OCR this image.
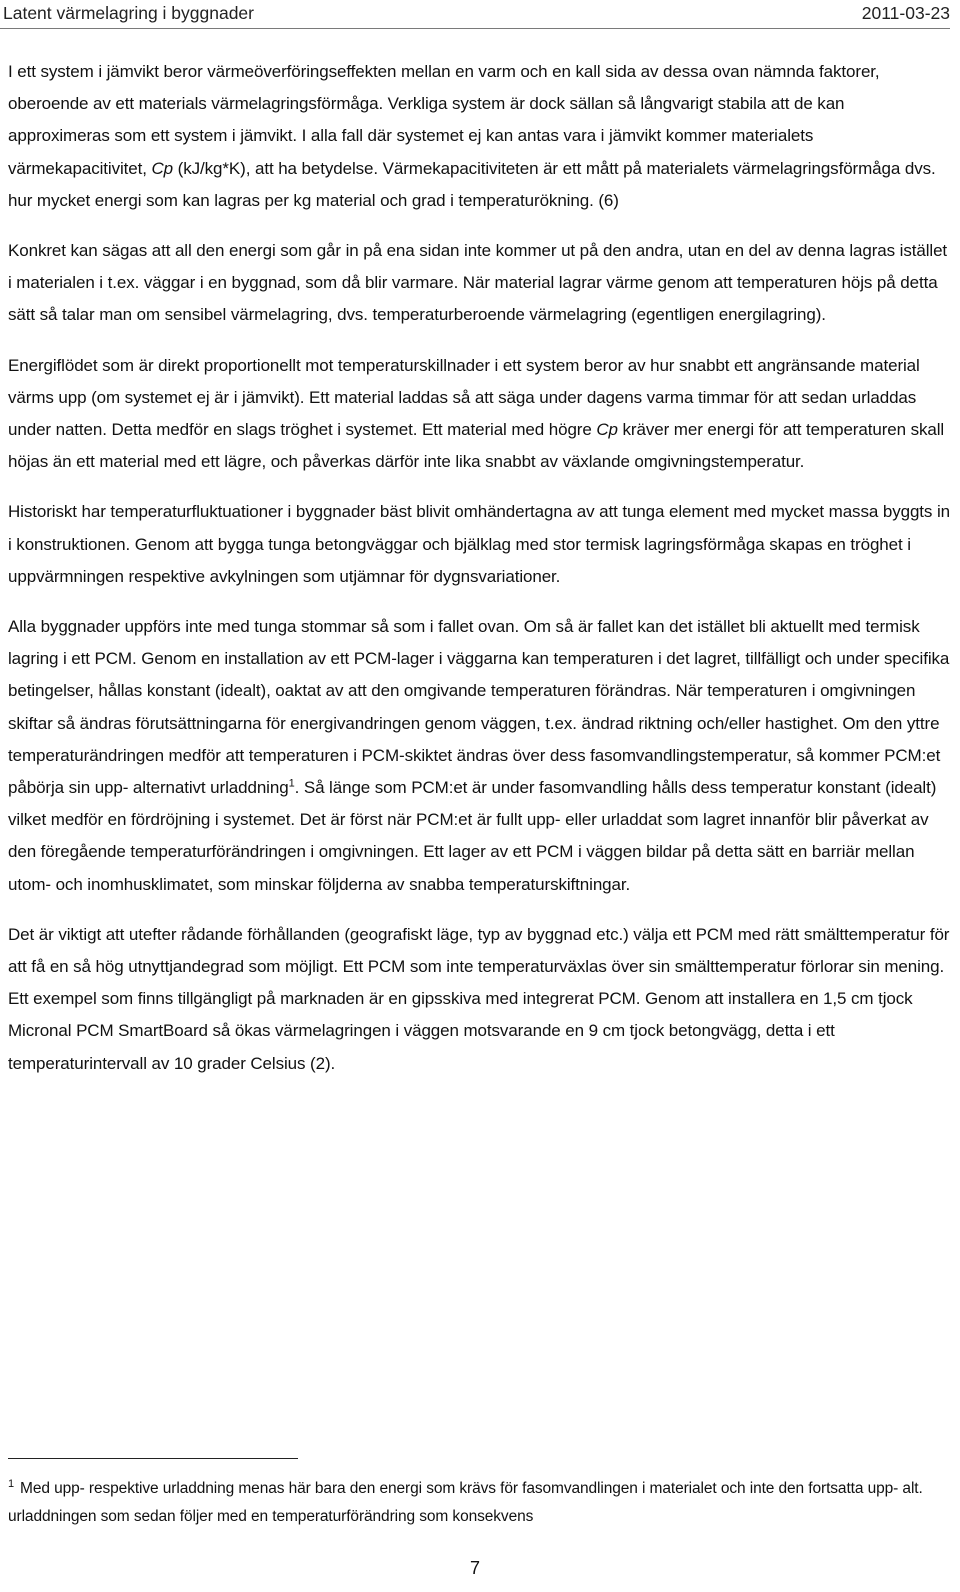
Latent värmelagring i byggnader	2011-03-23

I ett system i jämvikt beror värmeöverföringseffekten mellan en varm och en kall sida av dessa ovan nämnda faktorer, oberoende av ett materials värmelagringsförmåga. Verkliga system är dock sällan så långvarigt stabila att de kan approximeras som ett system i jämvikt. I alla fall där systemet ej kan antas vara i jämvikt kommer materialets värmekapacitivitet, Cp (kJ/kg*K), att ha betydelse. Värmekapacitiviteten är ett mått på materialets värmelagringsförmåga dvs. hur mycket energi som kan lagras per kg material och grad i temperaturökning. (6)

Konkret kan sägas att all den energi som går in på ena sidan inte kommer ut på den andra, utan en del av denna lagras istället i materialen i t.ex. väggar i en byggnad, som då blir varmare. När material lagrar värme genom att temperaturen höjs på detta sätt så talar man om sensibel värmelagring, dvs. temperaturberoende värmelagring (egentligen energilagring).

Energiflödet som är direkt proportionellt mot temperaturskillnader i ett system beror av hur snabbt ett angränsande material värms upp (om systemet ej är i jämvikt). Ett material laddas så att säga under dagens varma timmar för att sedan urladdas under natten. Detta medför en slags tröghet i systemet. Ett material med högre Cp kräver mer energi för att temperaturen skall höjas än ett material med ett lägre, och påverkas därför inte lika snabbt av växlande omgivningstemperatur.

Historiskt har temperaturfluktuationer i byggnader bäst blivit omhändertagna av att tunga element med mycket massa byggts in i konstruktionen. Genom att bygga tunga betongväggar och bjälklag med stor termisk lagringsförmåga skapas en tröghet i uppvärmningen respektive avkylningen som utjämnar för dygnsvariationer.

Alla byggnader uppförs inte med tunga stommar så som i fallet ovan. Om så är fallet kan det istället bli aktuellt med termisk lagring i ett PCM. Genom en installation av ett PCM-lager i väggarna kan temperaturen i det lagret, tillfälligt och under specifika betingelser, hållas konstant (idealt), oaktat av att den omgivande temperaturen förändras. När temperaturen i omgivningen skiftar så ändras förutsättningarna för energivandringen genom väggen, t.ex. ändrad riktning och/eller hastighet. Om den yttre temperaturändringen medför att temperaturen i PCM-skiktet ändras över dess fasomvandlingstemperatur, så kommer PCM:et påbörja sin upp- alternativt urladdning$^1$. Så länge som PCM:et är under fasomvandling hålls dess temperatur konstant (idealt) vilket medför en fördröjning i systemet. Det är först när PCM:et är fullt upp- eller urladdat som lagret innanför blir påverkat av den föregående temperaturförändringen i omgivningen. Ett lager av ett PCM i väggen bildar på detta sätt en barriär mellan utom- och inomhusklimatet, som minskar följderna av snabba temperaturskiftningar.

Det är viktigt att utefter rådande förhållanden (geografiskt läge, typ av byggnad etc.) välja ett PCM med rätt smälttemperatur för att få en så hög utnyttjandegrad som möjligt. Ett PCM som inte temperaturväxlas över sin smälttemperatur förlorar sin mening. Ett exempel som finns tillgängligt på marknaden är en gipsskiva med integrerat PCM. Genom att installera en 1,5 cm tjock Micronal PCM SmartBoard så ökas värmelagringen i väggen motsvarande en 9 cm tjock betongvägg, detta i ett temperaturintervall av 10 grader Celsius (2).

$^1$ Med upp- respektive urladdning menas här bara den energi som krävs för fasomvandlingen i materialet och inte den fortsatta upp- alt. urladdningen som sedan följer med en temperaturförändring som konsekvens
7
